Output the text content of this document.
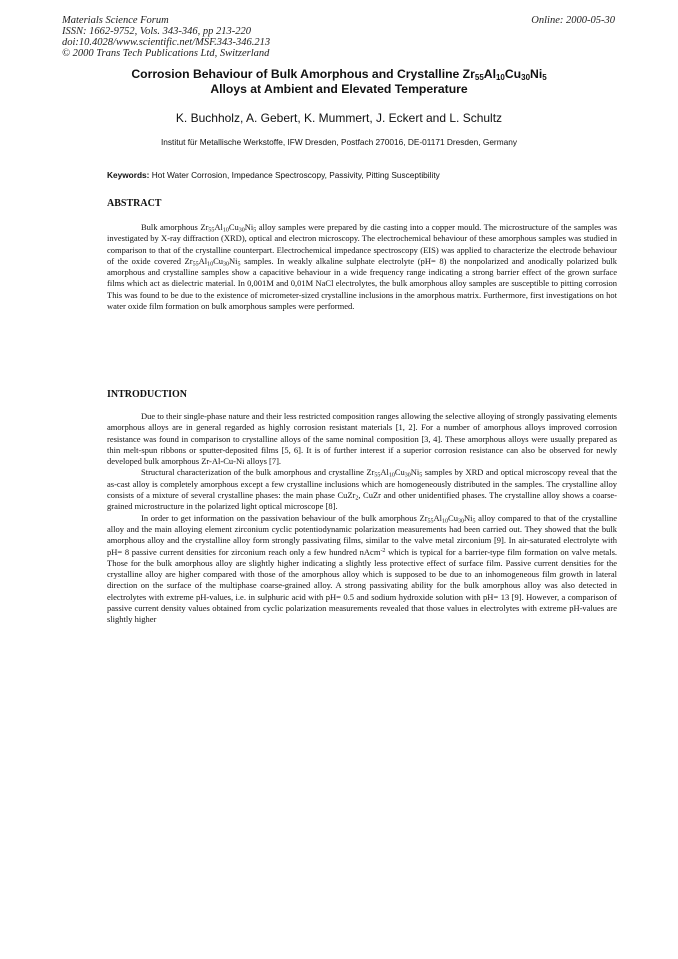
Materials Science Forum
ISSN: 1662-9752, Vols. 343-346, pp 213-220
doi:10.4028/www.scientific.net/MSF.343-346.213
© 2000 Trans Tech Publications Ltd, Switzerland
Online: 2000-05-30
Corrosion Behaviour of Bulk Amorphous and Crystalline $Zr_{55}Al_{10}Cu_{30}Ni_5$
Alloys at Ambient and Elevated Temperature
K. Buchholz, A. Gebert, K. Mummert, J. Eckert and L. Schultz
Institut für Metallische Werkstoffe, IFW Dresden, Postfach 270016, DE-01171 Dresden, Germany
Keywords: Hot Water Corrosion, Impedance Spectroscopy, Passivity, Pitting Susceptibility
ABSTRACT

Bulk amorphous $Zr_{55}Al_{10}Cu_{30}Ni_5$ alloy samples were prepared by die casting into a copper mould. The microstructure of the samples was investigated by X-ray diffraction (XRD), optical and electron microscopy. The electrochemical behaviour of these amorphous samples was studied in comparison to that of the crystalline counterpart. Electrochemical impedance spectroscopy (EIS) was applied to characterize the electrode behaviour of the oxide covered $Zr_{55}Al_{10}Cu_{30}Ni_5$ samples. In weakly alkaline sulphate electrolyte (pH= 8) the nonpolarized and anodically polarized bulk amorphous and crystalline samples show a capacitive behaviour in a wide frequency range indicating a strong barrier effect of the grown surface films which act as dielectric material. In 0,001M and 0,01M NaCl electrolytes, the bulk amorphous alloy samples are susceptible to pitting corrosion This was found to be due to the existence of micrometer-sized crystalline inclusions in the amorphous matrix. Furthermore, first investigations on hot water oxide film formation on bulk amorphous samples were performed.

INTRODUCTION

Due to their single-phase nature and their less restricted composition ranges allowing the selective alloying of strongly passivating elements amorphous alloys are in general regarded as highly corrosion resistant materials [1, 2]. For a number of amorphous alloys improved corrosion resistance was found in comparison to crystalline alloys of the same nominal composition [3, 4]. These amorphous alloys were usually prepared as thin melt-spun ribbons or sputter-deposited films [5, 6]. It is of further interest if a superior corrosion resistance can also be observed for newly developed bulk amorphous Zr-Al-Cu-Ni alloys [7].

Structural characterization of the bulk amorphous and crystalline $Zr_{55}Al_{10}Cu_{30}Ni_5$ samples by XRD and optical microscopy reveal that the as-cast alloy is completely amorphous except a few crystalline inclusions which are homogeneously distributed in the samples. The crystalline alloy consists of a mixture of several crystalline phases: the main phase CuZr$_2$, CuZr and other unidentified phases. The crystalline alloy shows a coarse-grained microstructure in the polarized light optical microscope [8].

In order to get information on the passivation behaviour of the bulk amorphous $Zr_{55}Al_{10}Cu_{30}Ni_5$ alloy compared to that of the crystalline alloy and the main alloying element zirconium cyclic potentiodynamic polarization measurements had been carried out. They showed that the bulk amorphous alloy and the crystalline alloy form strongly passivating films, similar to the valve metal zirconium [9]. In air-saturated electrolyte with pH= 8 passive current densities for zirconium reach only a few hundred nAcm$^{-2}$ which is typical for a barrier-type film formation on valve metals. Those for the bulk amorphous alloy are slightly higher indicating a slightly less protective effect of surface film. Passive current densities for the crystalline alloy are higher compared with those of the amorphous alloy which is supposed to be due to an inhomogeneous film growth in lateral direction on the surface of the multiphase coarse-grained alloy. A strong passivating ability for the bulk amorphous alloy was also detected in electrolytes with extreme pH-values, i.e. in sulphuric acid with pH= 0.5 and sodium hydroxide solution with pH= 13 [9]. However, a comparison of passive current density values obtained from cyclic polarization measurements revealed that those values in electrolytes with extreme pH-values are slightly higher
